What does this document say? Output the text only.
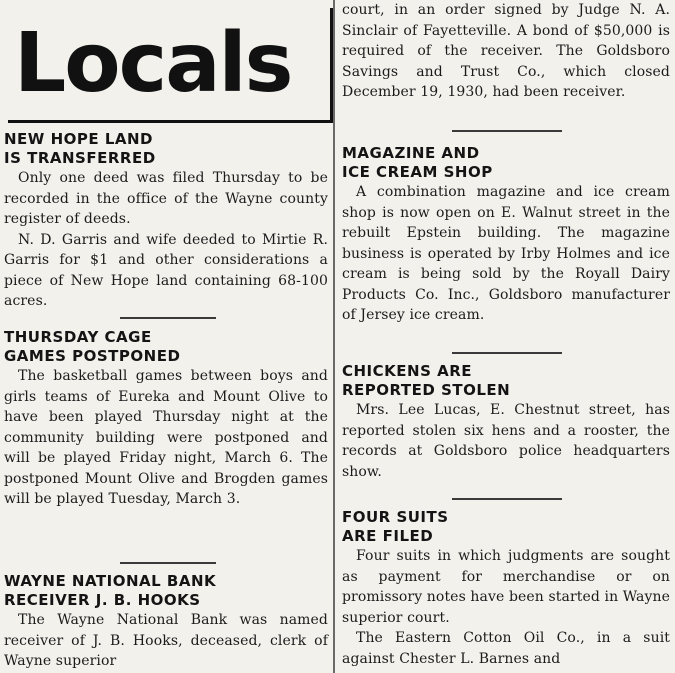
Locals

NEW HOPE LAND

IS TRANSFERRED

Only one deed was filed Thursday to be recorded in the office of the Wayne county register of deeds.

N. D. Garris and wife deeded to Mirtie R. Garris for $1 and other considerations a piece of New Hope land containing 68-100 acres.

THURSDAY CAGE

GAMES POSTPONED

The basketball games between boys and girls teams of Eureka and Mount Olive to have been played Thursday night at the community building were postponed and will be played Friday night, March 6. The postponed Mount Olive and Brogden games will be played Tuesday, March 3.

WAYNE NATIONAL BANK

RECEIVER J. B. HOOKS

The Wayne National Bank was named receiver of J. B. Hooks, deceased, clerk of Wayne superior

court, in an order signed by Judge N. A. Sinclair of Fayetteville. A bond of $50,000 is required of the receiver. The Goldsboro Savings and Trust Co., which closed December 19, 1930, had been receiver.

MAGAZINE AND

ICE CREAM SHOP

A combination magazine and ice cream shop is now open on E. Walnut street in the rebuilt Epstein building. The magazine business is operated by Irby Holmes and ice cream is being sold by the Royall Dairy Products Co. Inc., Goldsboro manufacturer of Jersey ice cream.

CHICKENS ARE

REPORTED STOLEN

Mrs. Lee Lucas, E. Chestnut street, has reported stolen six hens and a rooster, the records at Goldsboro police headquarters show.

FOUR SUITS

ARE FILED

Four suits in which judgments are sought as payment for merchandise or on promissory notes have been started in Wayne superior court.

The Eastern Cotton Oil Co., in a suit against Chester L. Barnes and
